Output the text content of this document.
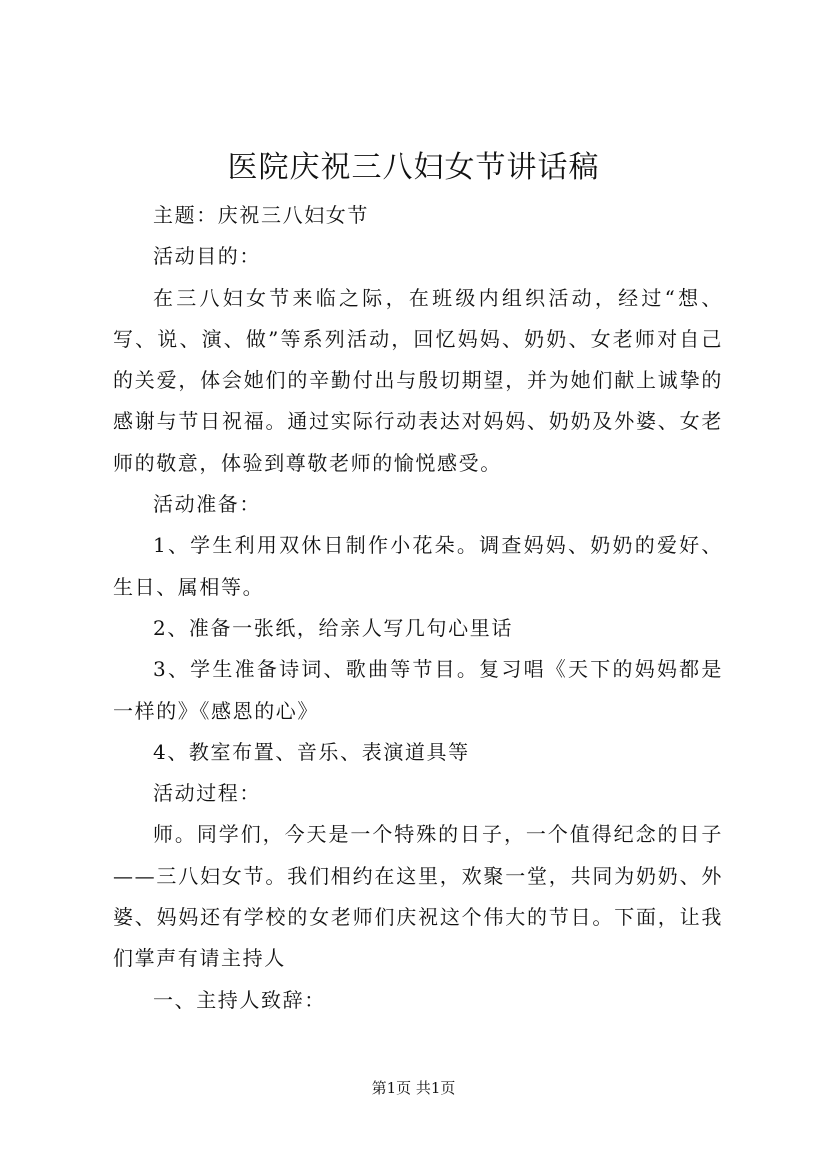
医院庆祝三八妇女节讲话稿

主题：庆祝三八妇女节

活动目的：

在三八妇女节来临之际，在班级内组织活动，经过“想、写、说、演、做”等系列活动，回忆妈妈、奶奶、女老师对自己的关爱，体会她们的辛勤付出与殷切期望，并为她们献上诚挚的感谢与节日祝福。通过实际行动表达对妈妈、奶奶及外婆、女老师的敬意，体验到尊敬老师的愉悦感受。

活动准备：

1、学生利用双休日制作小花朵。调查妈妈、奶奶的爱好、生日、属相等。

2、准备一张纸，给亲人写几句心里话

3、学生准备诗词、歌曲等节目。复习唱《天下的妈妈都是一样的》《感恩的心》

4、教室布置、音乐、表演道具等

活动过程：

师。同学们，今天是一个特殊的日子，一个值得纪念的日子——三八妇女节。我们相约在这里，欢聚一堂，共同为奶奶、外婆、妈妈还有学校的女老师们庆祝这个伟大的节日。下面，让我们掌声有请主持人

一、主持人致辞：

第1页 共1页
